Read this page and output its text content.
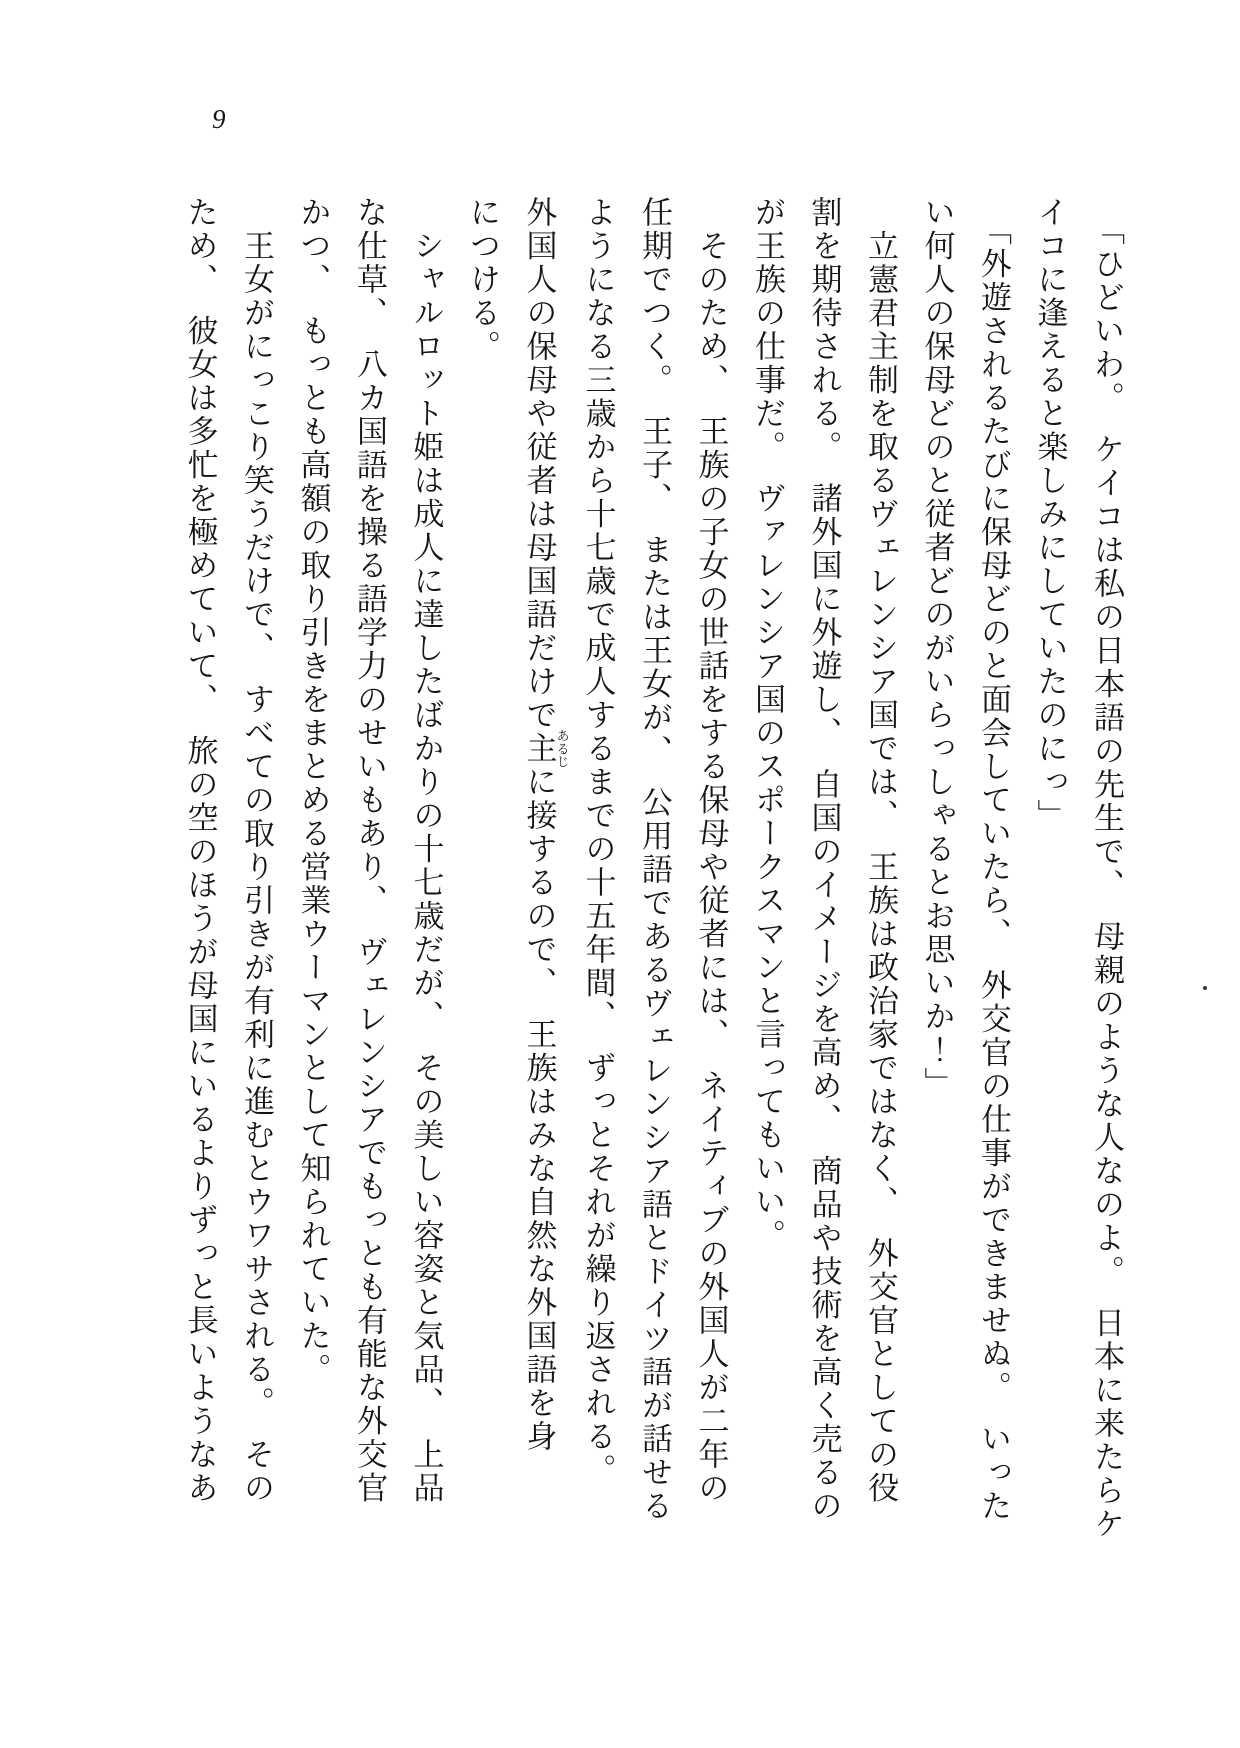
9

　「ひどいわ。　ケイコは私の日本語の先生で、　母親のような人なのよ。　日本に来たらケ

イコに逢えると楽しみにしていたのにっ」

　「外遊されるたびに保母どのと面会していたら、　外交官の仕事ができませぬ。　いった

い何人の保母どのと従者どのがいらっしゃるとお思いか！」

　立憲君主制を取るヴェレンシア国では、　王族は政治家ではなく、　外交官としての役

割を期待される。　諸外国に外遊し、　自国のイメージを高め、　商品や技術を高く売るの

が王族の仕事だ。　ヴァレンシア国のスポークスマンと言ってもいい。

　そのため、　王族の子女の世話をする保母や従者には、　ネイティブの外国人が二年の

任期でつく。　王子、　または王女が、　公用語であるヴェレンシア語とドイツ語が話せる

ようになる三歳から十七歳で成人するまでの十五年間、　ずっとそれが繰り返される。

外国人の保母や従者は母国語だけで主あるじに接するので、　王族はみな自然な外国語を身

につける。

　シャルロット姫は成人に達したばかりの十七歳だが、　その美しい容姿と気品、　上品

な仕草、　八カ国語を操る語学力のせいもあり、　ヴェレンシアでもっとも有能な外交官

かつ、　もっとも高額の取り引きをまとめる営業ウーマンとして知られていた。

　王女がにっこり笑うだけで、　すべての取り引きが有利に進むとウワサされる。　その

ため、　彼女は多忙を極めていて、　旅の空のほうが母国にいるよりずっと長いようなあ
